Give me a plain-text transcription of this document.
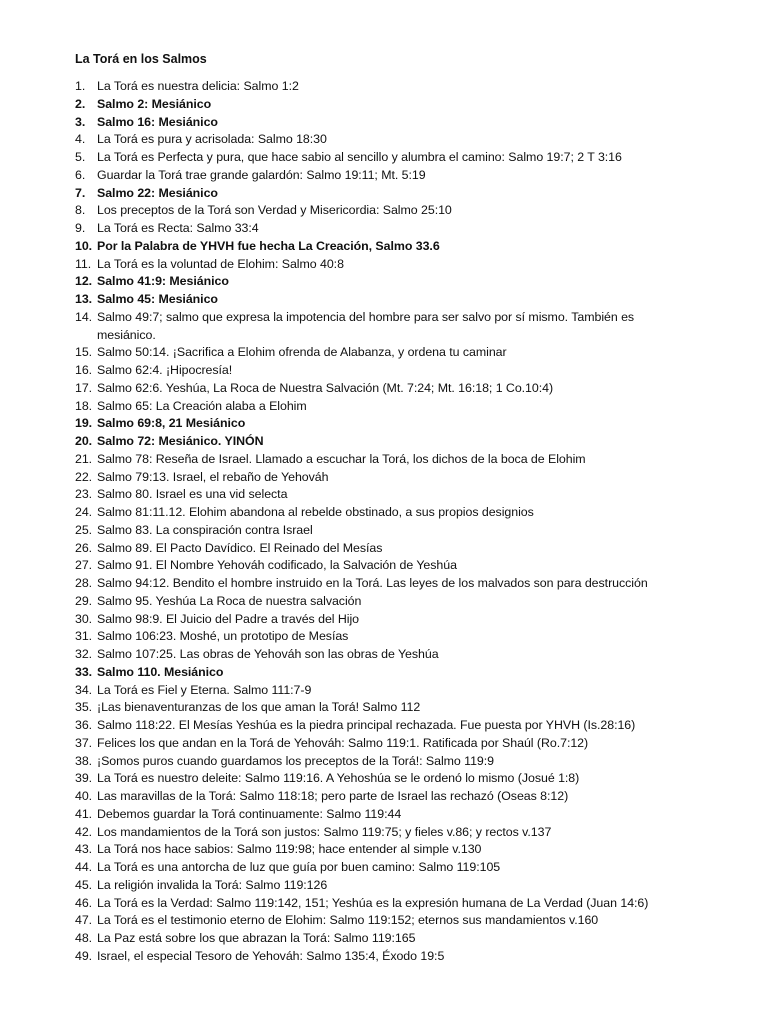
La Torá en los Salmos
1. La Torá es nuestra delicia: Salmo 1:2
2. Salmo 2: Mesiánico
3. Salmo 16: Mesiánico
4. La Torá es pura y acrisolada: Salmo 18:30
5. La Torá es Perfecta y pura, que hace sabio al sencillo y alumbra el camino: Salmo 19:7; 2 T 3:16
6. Guardar la Torá trae grande galardón: Salmo 19:11; Mt. 5:19
7. Salmo 22: Mesiánico
8. Los preceptos de la Torá son Verdad y Misericordia: Salmo 25:10
9. La Torá es Recta: Salmo 33:4
10. Por la Palabra de YHVH fue hecha La Creación, Salmo 33.6
11. La Torá es la voluntad de Elohim: Salmo 40:8
12. Salmo 41:9: Mesiánico
13. Salmo 45: Mesiánico
14. Salmo 49:7; salmo que expresa la impotencia del hombre para ser salvo por sí mismo. También es mesiánico.
15. Salmo 50:14. ¡Sacrifica a Elohim ofrenda de Alabanza, y ordena tu caminar
16. Salmo 62:4. ¡Hipocresía!
17. Salmo 62:6. Yeshúa, La Roca de Nuestra Salvación (Mt. 7:24; Mt. 16:18; 1 Co.10:4)
18. Salmo 65: La Creación alaba a Elohim
19. Salmo 69:8, 21 Mesiánico
20. Salmo 72: Mesiánico. YINÓN
21. Salmo 78: Reseña de Israel. Llamado a escuchar la Torá, los dichos de la boca de Elohim
22. Salmo 79:13. Israel, el rebaño de Yehováh
23. Salmo 80. Israel es una vid selecta
24. Salmo 81:11.12. Elohim abandona al rebelde obstinado, a sus propios designios
25. Salmo 83. La conspiración contra Israel
26. Salmo 89. El Pacto Davídico. El Reinado del Mesías
27. Salmo 91. El Nombre Yehováh codificado, la Salvación de Yeshúa
28. Salmo 94:12. Bendito el hombre instruido en la Torá. Las leyes de los malvados son para destrucción
29. Salmo 95. Yeshúa La Roca de nuestra salvación
30. Salmo 98:9. El Juicio del Padre a través del Hijo
31. Salmo 106:23. Moshé, un prototipo de Mesías
32. Salmo 107:25. Las obras de Yehováh son las obras de Yeshúa
33. Salmo 110. Mesiánico
34. La Torá es Fiel y Eterna. Salmo 111:7-9
35. ¡Las bienaventuranzas de los que aman la Torá! Salmo 112
36. Salmo 118:22. El Mesías Yeshúa es la piedra principal rechazada. Fue puesta por YHVH (Is.28:16)
37. Felices los que andan en la Torá de Yehováh: Salmo 119:1. Ratificada por Shaúl (Ro.7:12)
38. ¡Somos puros cuando guardamos los preceptos de la Torá!: Salmo 119:9
39. La Torá es nuestro deleite: Salmo 119:16. A Yehoshúa se le ordenó lo mismo (Josué 1:8)
40. Las maravillas de la Torá: Salmo 118:18; pero parte de Israel las rechazó (Oseas 8:12)
41. Debemos guardar la Torá continuamente: Salmo 119:44
42. Los mandamientos de la Torá son justos: Salmo 119:75; y fieles v.86; y rectos v.137
43. La Torá nos hace sabios: Salmo 119:98; hace entender al simple v.130
44. La Torá es una antorcha de luz que guía por buen camino: Salmo 119:105
45. La religión invalida la Torá: Salmo 119:126
46. La Torá es la Verdad: Salmo 119:142, 151; Yeshúa es la expresión humana de La Verdad (Juan 14:6)
47. La Torá es el testimonio eterno de Elohim: Salmo 119:152; eternos sus mandamientos v.160
48. La Paz está sobre los que abrazan la Torá: Salmo 119:165
49. Israel, el especial Tesoro de Yehováh: Salmo 135:4, Éxodo 19:5
